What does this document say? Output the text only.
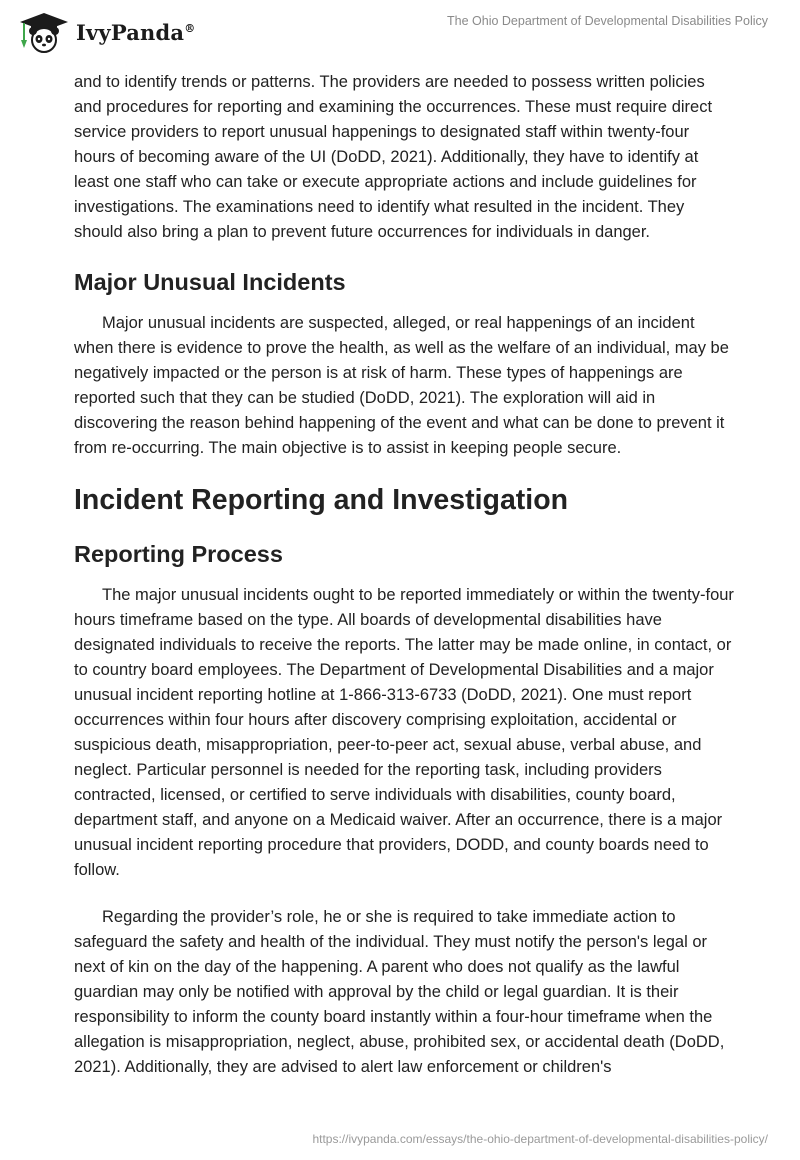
IvyPanda®	The Ohio Department of Developmental Disabilities Policy

and to identify trends or patterns. The providers are needed to possess written policies and procedures for reporting and examining the occurrences. These must require direct service providers to report unusual happenings to designated staff within twenty-four hours of becoming aware of the UI (DoDD, 2021). Additionally, they have to identify at least one staff who can take or execute appropriate actions and include guidelines for investigations. The examinations need to identify what resulted in the incident. They should also bring a plan to prevent future occurrences for individuals in danger.

Major Unusual Incidents

Major unusual incidents are suspected, alleged, or real happenings of an incident when there is evidence to prove the health, as well as the welfare of an individual, may be negatively impacted or the person is at risk of harm. These types of happenings are reported such that they can be studied (DoDD, 2021). The exploration will aid in discovering the reason behind happening of the event and what can be done to prevent it from re-occurring. The main objective is to assist in keeping people secure.

Incident Reporting and Investigation
Reporting Process

The major unusual incidents ought to be reported immediately or within the twenty-four hours timeframe based on the type. All boards of developmental disabilities have designated individuals to receive the reports. The latter may be made online, in contact, or to country board employees. The Department of Developmental Disabilities and a major unusual incident reporting hotline at 1-866-313-6733 (DoDD, 2021). One must report occurrences within four hours after discovery comprising exploitation, accidental or suspicious death, misappropriation, peer-to-peer act, sexual abuse, verbal abuse, and neglect. Particular personnel is needed for the reporting task, including providers contracted, licensed, or certified to serve individuals with disabilities, county board, department staff, and anyone on a Medicaid waiver. After an occurrence, there is a major unusual incident reporting procedure that providers, DODD, and county boards need to follow.

Regarding the provider’s role, he or she is required to take immediate action to safeguard the safety and health of the individual. They must notify the person's legal or next of kin on the day of the happening. A parent who does not qualify as the lawful guardian may only be notified with approval by the child or legal guardian. It is their responsibility to inform the county board instantly within a four-hour timeframe when the allegation is misappropriation, neglect, abuse, prohibited sex, or accidental death (DoDD, 2021). Additionally, they are advised to alert law enforcement or children's

https://ivypanda.com/essays/the-ohio-department-of-developmental-disabilities-policy/
